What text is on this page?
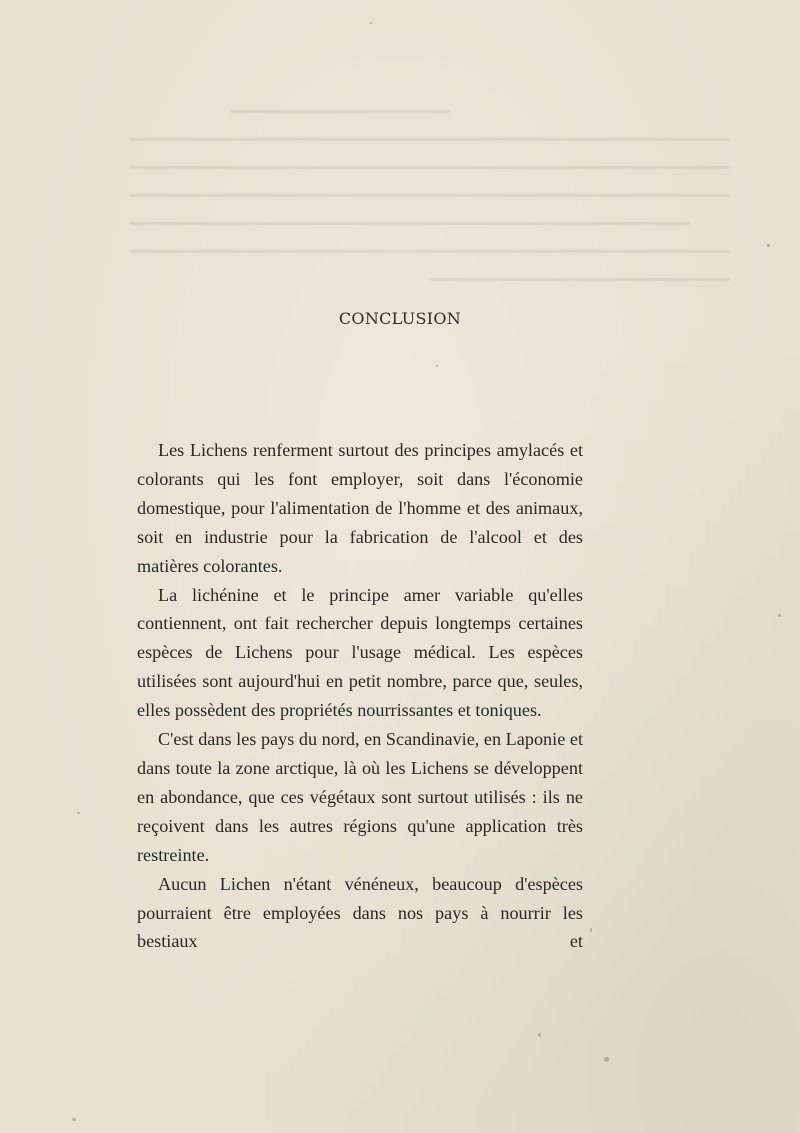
CONCLUSION

Les Lichens renferment surtout des principes amylacés et colorants qui les font employer, soit dans l'économie domestique, pour l'alimentation de l'homme et des animaux, soit en industrie pour la fabrication de l'alcool et des matières colorantes.

La lichénine et le principe amer variable qu'elles contiennent, ont fait rechercher depuis longtemps certaines espèces de Lichens pour l'usage médical. Les espèces utilisées sont aujourd'hui en petit nombre, parce que, seules, elles possèdent des propriétés nourrissantes et toniques.

C'est dans les pays du nord, en Scandinavie, en Laponie et dans toute la zone arctique, là où les Lichens se développent en abondance, que ces végétaux sont surtout utilisés : ils ne reçoivent dans les autres régions qu'une application très restreinte.

Aucun Lichen n'étant vénéneux, beaucoup d'espèces pourraient être employées dans nos pays à nourrir les bestiaux et
